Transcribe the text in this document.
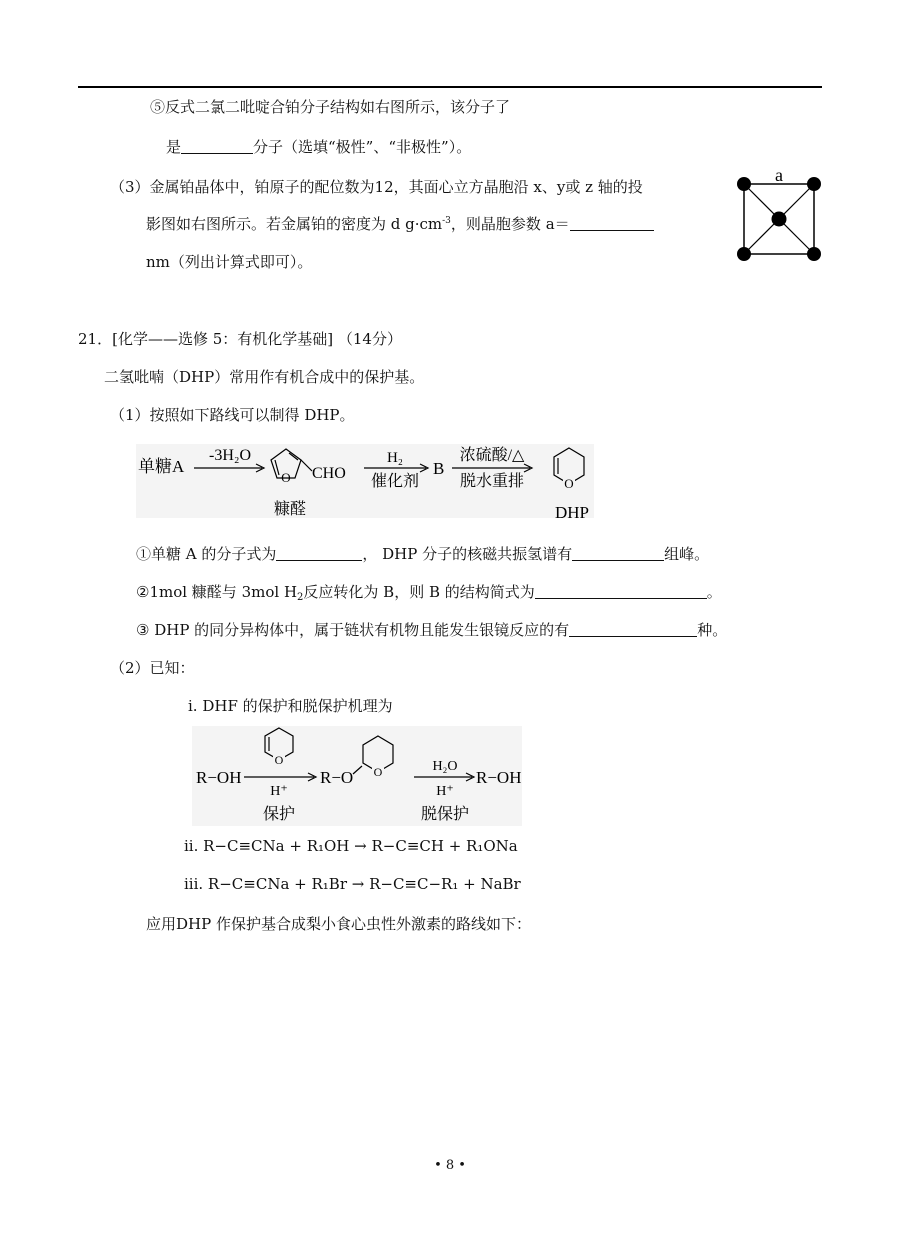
⑤反式二氯二吡啶合铂分子结构如右图所示，该分子了
是	分子（选填“极性”、“非极性”）。
（3）金属铂晶体中，铂原子的配位数为12，其面心立方晶胞沿 x、y或 z 轴的投
影图如右图所示。若金属铂的密度为 d $g\cdot cm^{-3}$，则晶胞参数 a＝
nm（列出计算式即可）。
a
21．[化学——选修 5：有机化学基础] （14分）
二氢吡喃（DHP）常用作有机合成中的保护基。
（1）按照如下路线可以制得 DHP。
单糖A
-3H₂O
O CHO
糠醛
H₂
催化剂
B
浓硫酸/△
脱水重排	O
DHP
①单糖 A 的分子式为	， DHP 分子的核磁共振氢谱有	组峰。
②1mol 糠醛与 3mol $H_2$反应转化为 B，则 B 的结构简式为	。
③ DHP 的同分异构体中，属于链状有机物且能发生银镜反应的有	种。
（2）已知：
i. DHF 的保护和脱保护机理为
R−OH
O
H⁺
保护
R−O O	H₂O
H⁺
脱保护
R−OH
ii. R−C≡CNa + R₁OH → R−C≡CH + R₁ONa
iii. R−C≡CNa + R₁Br → R−C≡C−R₁ + NaBr
应用DHP 作保护基合成梨小食心虫性外激素的路线如下：
• 8 •
